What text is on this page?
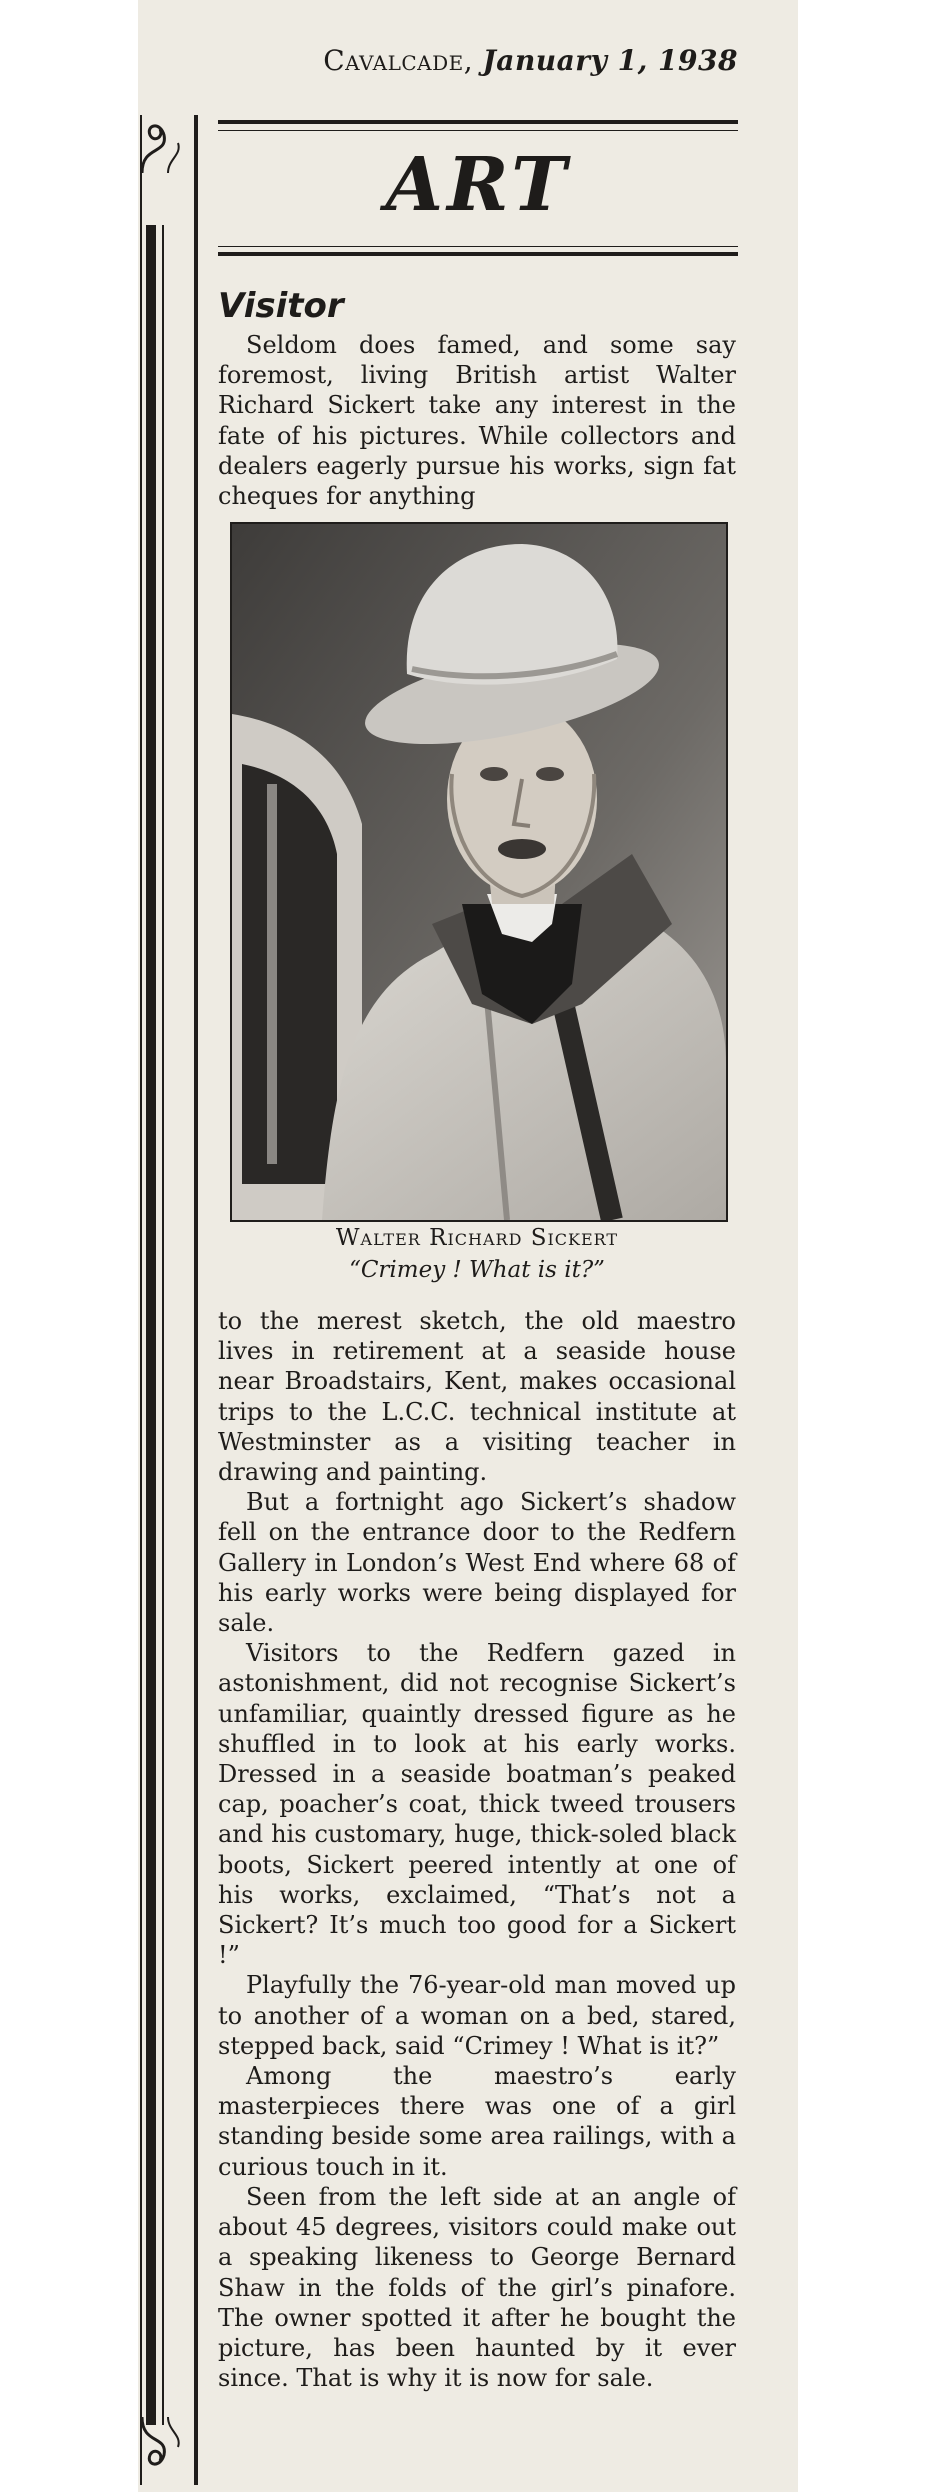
Cavalcade, January 1, 1938
ART
Visitor

Seldom does famed, and some say foremost, living British artist Walter Richard Sickert take any interest in the fate of his pictures. While collectors and dealers eagerly pursue his works, sign fat cheques for anything

Walter Richard Sickert
“Crimey ! What is it?”

to the merest sketch, the old maestro lives in retirement at a seaside house near Broadstairs, Kent, makes occasional trips to the L.C.C. technical institute at Westminster as a visiting teacher in drawing and painting.

But a fortnight ago Sickert’s shadow fell on the entrance door to the Redfern Gallery in London’s West End where 68 of his early works were being displayed for sale.

Visitors to the Redfern gazed in astonishment, did not recognise Sickert’s unfamiliar, quaintly dressed figure as he shuffled in to look at his early works. Dressed in a seaside boatman’s peaked cap, poacher’s coat, thick tweed trousers and his customary, huge, thick-soled black boots, Sickert peered intently at one of his works, exclaimed, “That’s not a Sickert? It’s much too good for a Sickert !”

Playfully the 76-year-old man moved up to another of a woman on a bed, stared, stepped back, said “Crimey ! What is it?”

Among the maestro’s early masterpieces there was one of a girl standing beside some area railings, with a curious touch in it.

Seen from the left side at an angle of about 45 degrees, visitors could make out a speaking likeness to George Bernard Shaw in the folds of the girl’s pinafore. The owner spotted it after he bought the picture, has been haunted by it ever since. That is why it is now for sale.
